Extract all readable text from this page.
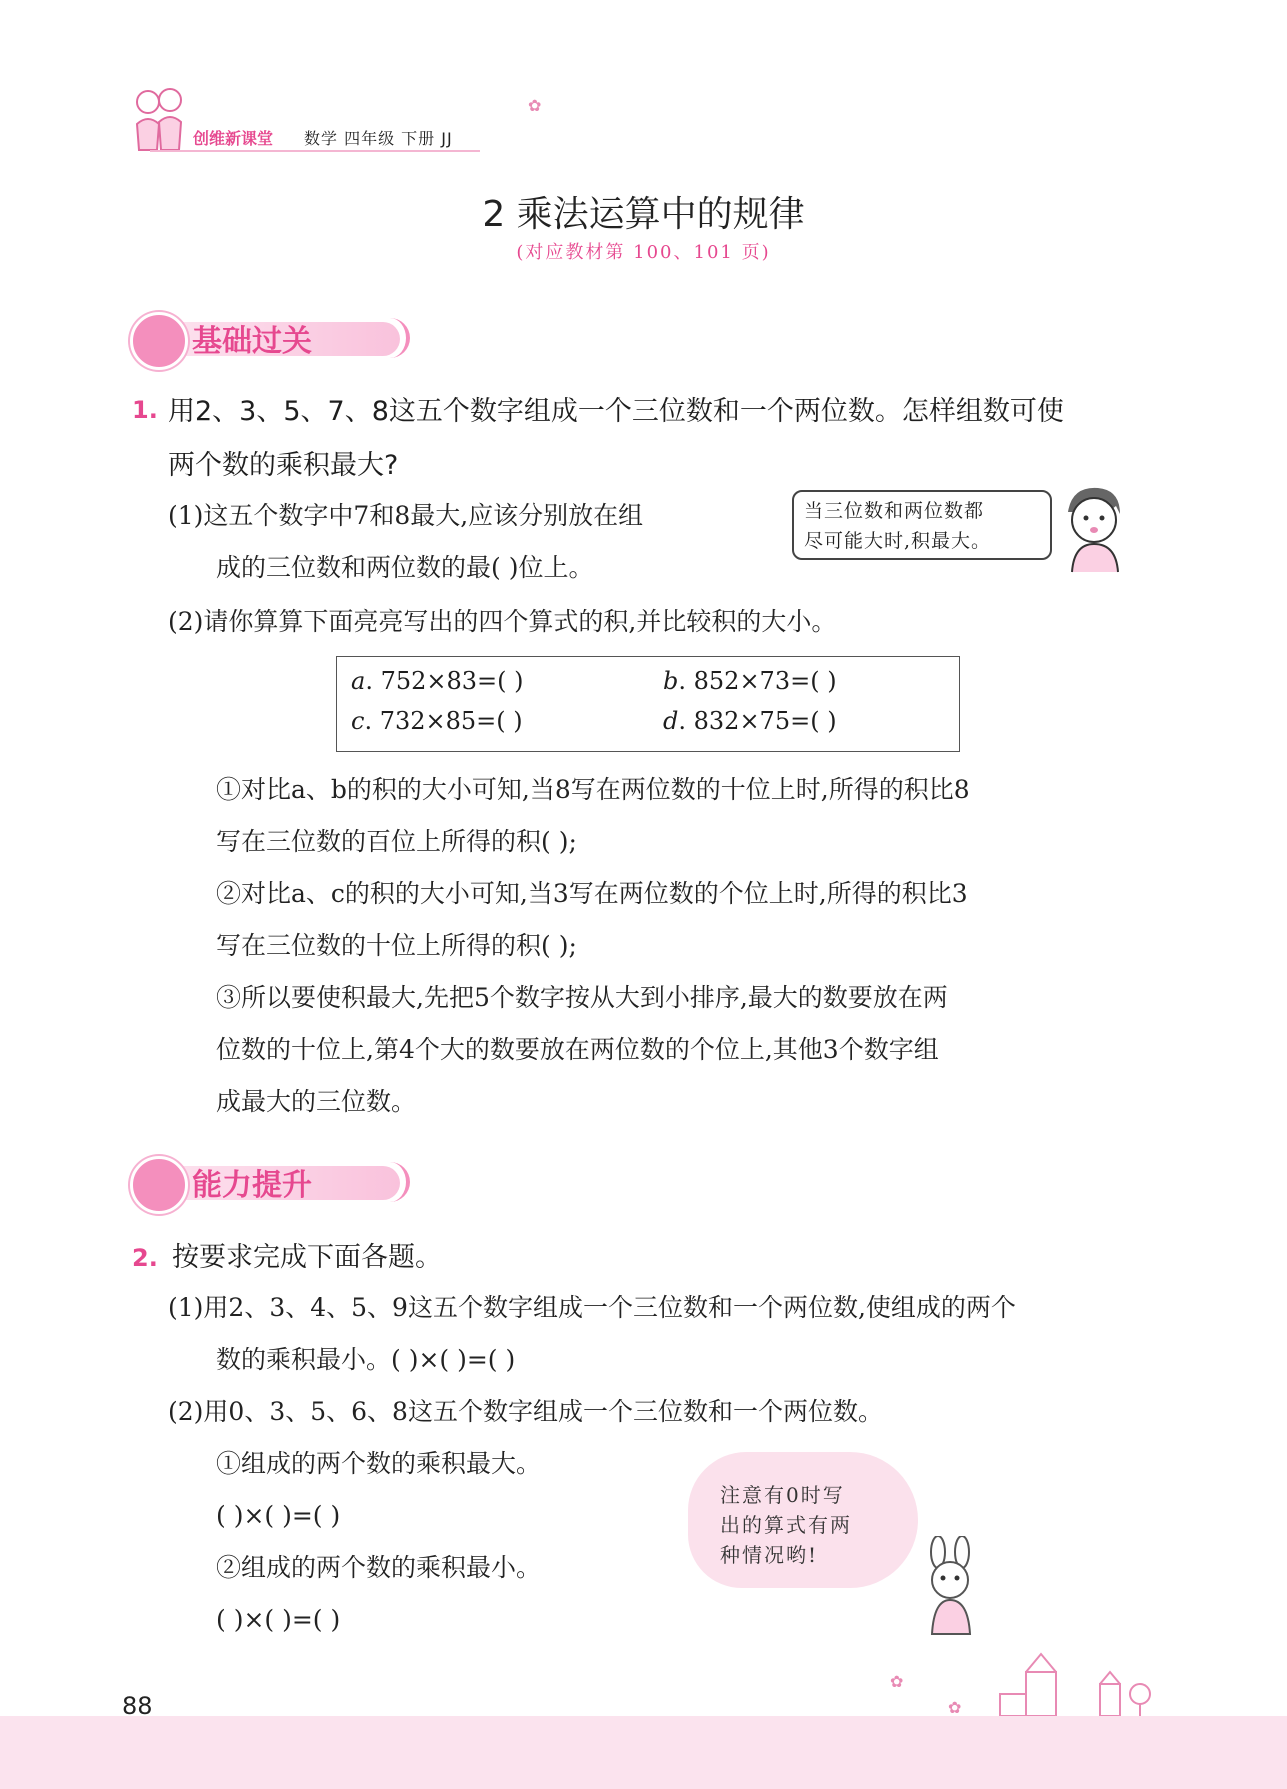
创维新课堂 数学 四年级 下册 JJ
✿
2 乘法运算中的规律
(对应教材第 100、101 页)
基础过关
1. 用2、3、5、7、8这五个数字组成一个三位数和一个两位数。怎样组数可使
两个数的乘积最大?
(1)这五个数字中7和8最大,应该分别放在组
成的三位数和两位数的最( )位上。
当三位数和两位数都
尽可能大时,积最大。
(2)请你算算下面亮亮写出的四个算式的积,并比较积的大小。
a. 752×83=( )	b. 852×73=( )
c. 732×85=( )	d. 832×75=( )
①对比a、b的积的大小可知,当8写在两位数的十位上时,所得的积比8
写在三位数的百位上所得的积( );
②对比a、c的积的大小可知,当3写在两位数的个位上时,所得的积比3
写在三位数的十位上所得的积( );
③所以要使积最大,先把5个数字按从大到小排序,最大的数要放在两
位数的十位上,第4个大的数要放在两位数的个位上,其他3个数字组
成最大的三位数。
能力提升
2. 按要求完成下面各题。
(1)用2、3、4、5、9这五个数字组成一个三位数和一个两位数,使组成的两个
数的乘积最小。( )×( )=( )
(2)用0、3、5、6、8这五个数字组成一个三位数和一个两位数。
①组成的两个数的乘积最大。
( )×( )=( )
②组成的两个数的乘积最小。
( )×( )=( )
注意有0时写
出的算式有两
种情况哟!
✿
✿
88
